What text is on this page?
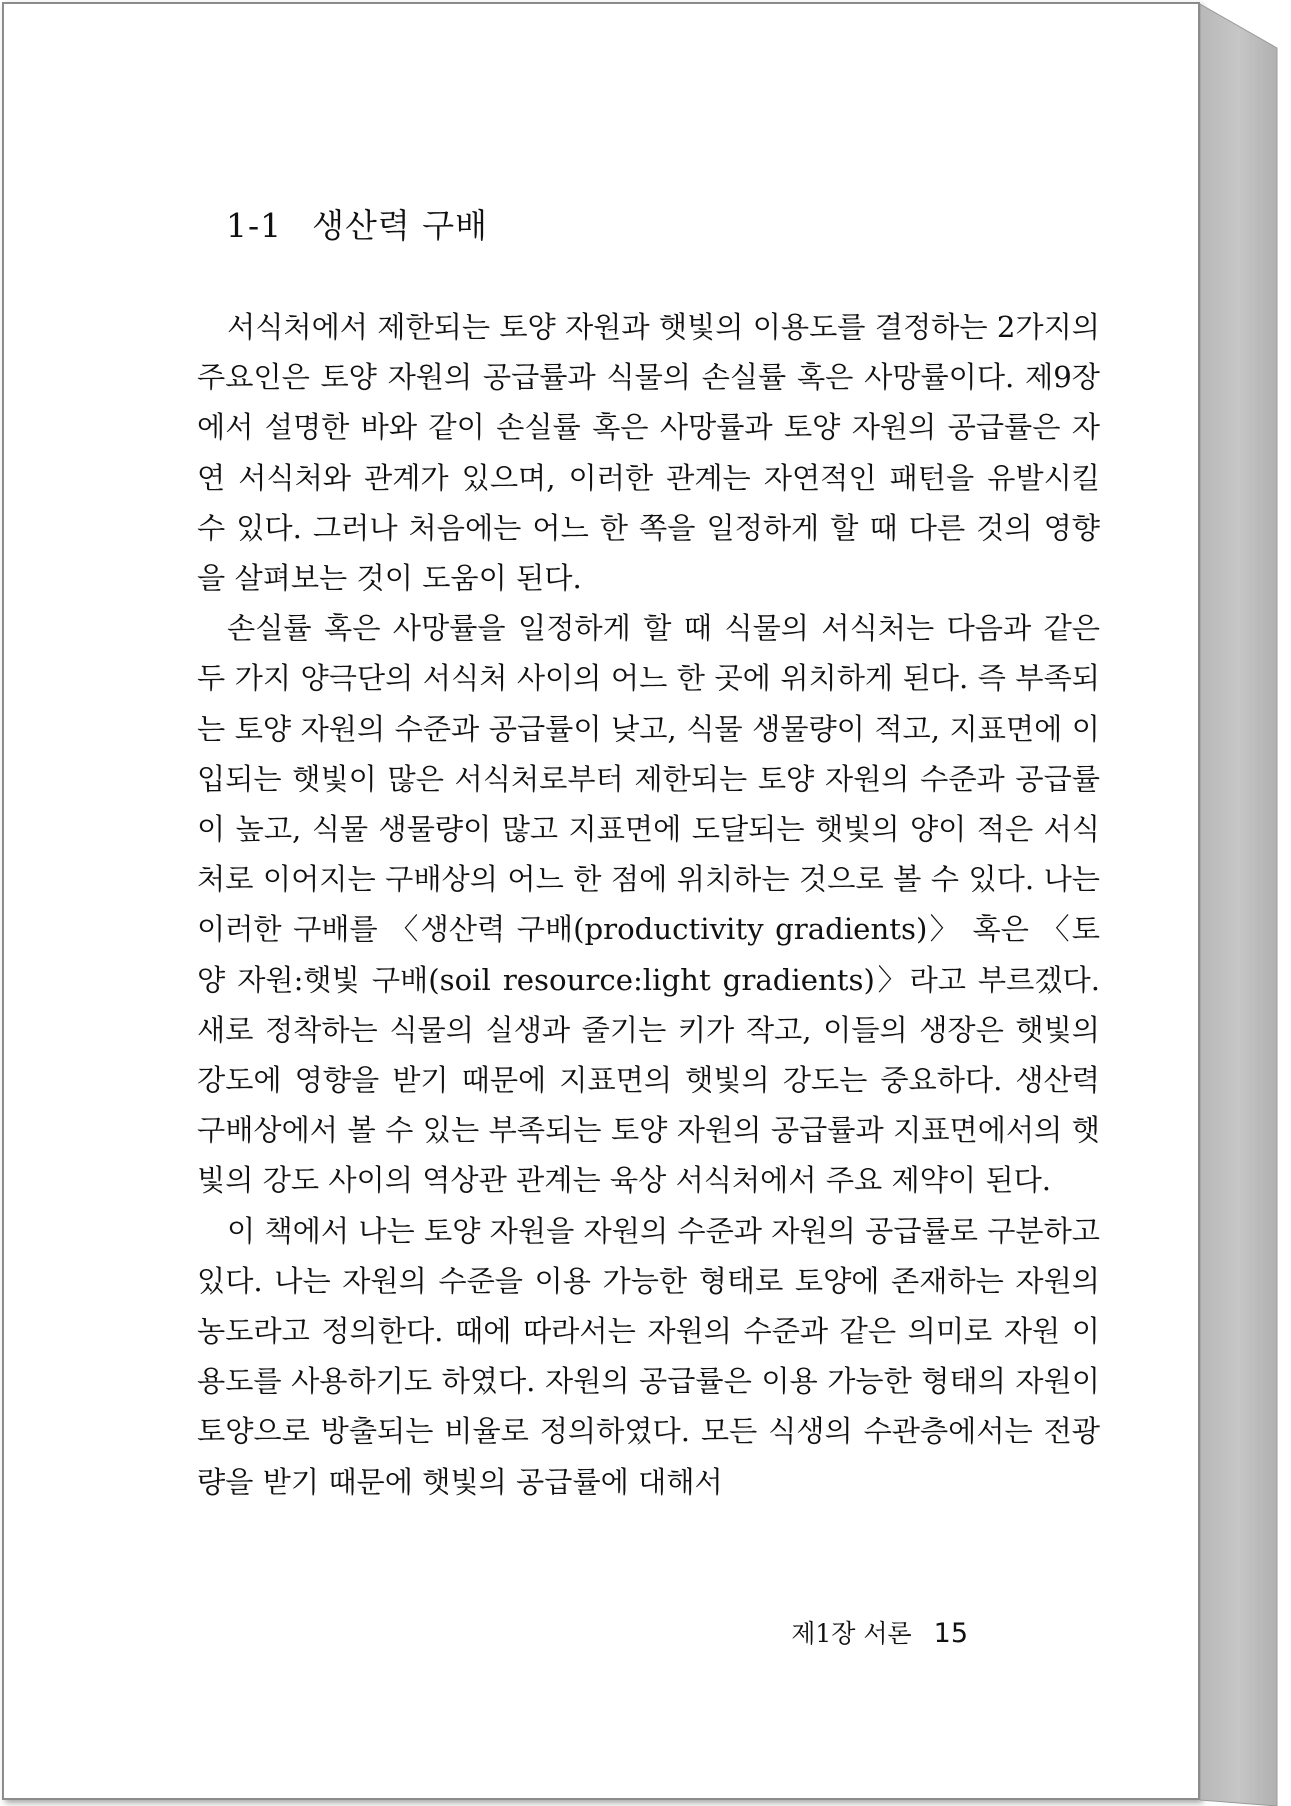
1-1 생산력 구배

서식처에서 제한되는 토양 자원과 햇빛의 이용도를 결정하는 2가지의 주요인은 토양 자원의 공급률과 식물의 손실률 혹은 사망률이다. 제9장에서 설명한 바와 같이 손실률 혹은 사망률과 토양 자원의 공급률은 자연 서식처와 관계가 있으며, 이러한 관계는 자연적인 패턴을 유발시킬 수 있다. 그러나 처음에는 어느 한 쪽을 일정하게 할 때 다른 것의 영향을 살펴보는 것이 도움이 된다.

손실률 혹은 사망률을 일정하게 할 때 식물의 서식처는 다음과 같은 두 가지 양극단의 서식처 사이의 어느 한 곳에 위치하게 된다. 즉 부족되는 토양 자원의 수준과 공급률이 낮고, 식물 생물량이 적고, 지표면에 이입되는 햇빛이 많은 서식처로부터 제한되는 토양 자원의 수준과 공급률이 높고, 식물 생물량이 많고 지표면에 도달되는 햇빛의 양이 적은 서식처로 이어지는 구배상의 어느 한 점에 위치하는 것으로 볼 수 있다. 나는 이러한 구배를 〈생산력 구배(productivity gradients)〉 혹은 〈토양 자원:햇빛 구배(soil resource:light gradients)〉라고 부르겠다. 새로 정착하는 식물의 실생과 줄기는 키가 작고, 이들의 생장은 햇빛의 강도에 영향을 받기 때문에 지표면의 햇빛의 강도는 중요하다. 생산력 구배상에서 볼 수 있는 부족되는 토양 자원의 공급률과 지표면에서의 햇빛의 강도 사이의 역상관 관계는 육상 서식처에서 주요 제약이 된다.

이 책에서 나는 토양 자원을 자원의 수준과 자원의 공급률로 구분하고 있다. 나는 자원의 수준을 이용 가능한 형태로 토양에 존재하는 자원의 농도라고 정의한다. 때에 따라서는 자원의 수준과 같은 의미로 자원 이용도를 사용하기도 하였다. 자원의 공급률은 이용 가능한 형태의 자원이 토양으로 방출되는 비율로 정의하였다. 모든 식생의 수관층에서는 전광량을 받기 때문에 햇빛의 공급률에 대해서

제1장 서론 15
